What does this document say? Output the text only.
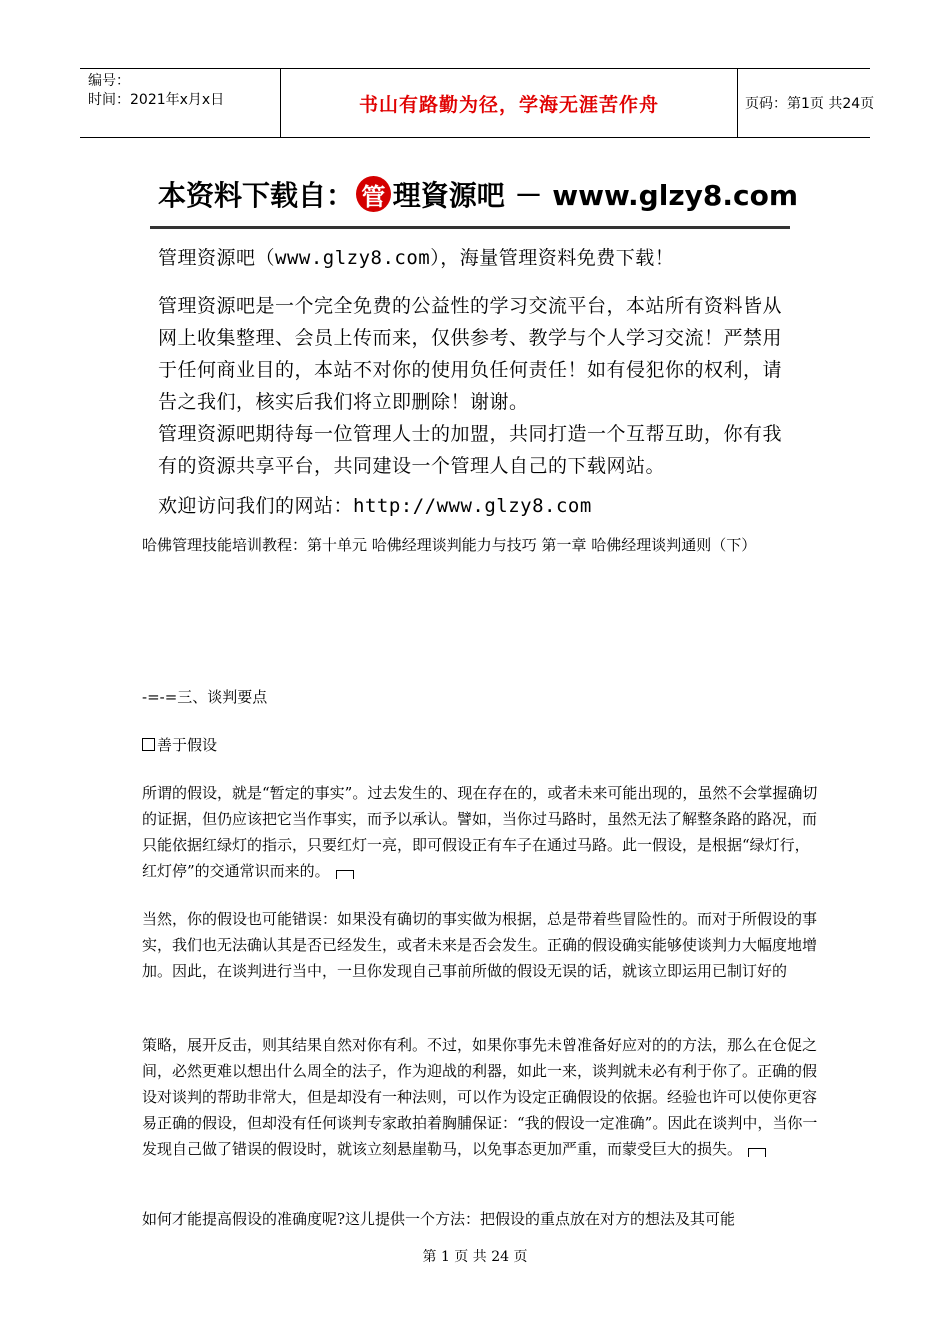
编号：
时间：2021年x月x日	书山有路勤为径，学海无涯苦作舟	页码：第1页 共24页
本资料下载自： 管 理資源吧 － www.glzy8.com

管理资源吧（www.glzy8.com），海量管理资料免费下载！

管理资源吧是一个完全免费的公益性的学习交流平台，本站所有资料皆从网上收集整理、会员上传而来，仅供参考、教学与个人学习交流！严禁用于任何商业目的，本站不对你的使用负任何责任！如有侵犯你的权利，请告之我们，核实后我们将立即删除！谢谢。

管理资源吧期待每一位管理人士的加盟，共同打造一个互帮互助，你有我有的资源共享平台，共同建设一个管理人自己的下载网站。

欢迎访问我们的网站：http://www.glzy8.com

哈佛管理技能培训教程：第十单元 哈佛经理谈判能力与技巧 第一章 哈佛经理谈判通则（下）

-=-=三、谈判要点

善于假设

所谓的假设，就是“暂定的事实”。过去发生的、现在存在的，或者未来可能出现的，虽然不会掌握确切的证据，但仍应该把它当作事实，而予以承认。譬如，当你过马路时，虽然无法了解整条路的路况，而只能依据红绿灯的指示，只要红灯一亮，即可假设正有车子在通过马路。此一假设，是根据“绿灯行，红灯停”的交通常识而来的。

当然，你的假设也可能错误：如果没有确切的事实做为根据，总是带着些冒险性的。而对于所假设的事实，我们也无法确认其是否已经发生，或者未来是否会发生。正确的假设确实能够使谈判力大幅度地增加。因此，在谈判进行当中，一旦你发现自己事前所做的假设无误的话，就该立即运用已制订好的

策略，展开反击，则其结果自然对你有利。不过，如果你事先未曾准备好应对的的方法，那么在仓促之间，必然更难以想出什么周全的法子，作为迎战的利器，如此一来，谈判就未必有利于你了。正确的假设对谈判的帮助非常大，但是却没有一种法则，可以作为设定正确假设的依据。经验也许可以使你更容易正确的假设，但却没有任何谈判专家敢拍着胸脯保证：“我的假设一定准确”。因此在谈判中，当你一发现自己做了错误的假设时，就该立刻悬崖勒马，以免事态更加严重，而蒙受巨大的损失。

如何才能提高假设的准确度呢?这儿提供一个方法：把假设的重点放在对方的想法及其可能

第 1 页 共 24 页
